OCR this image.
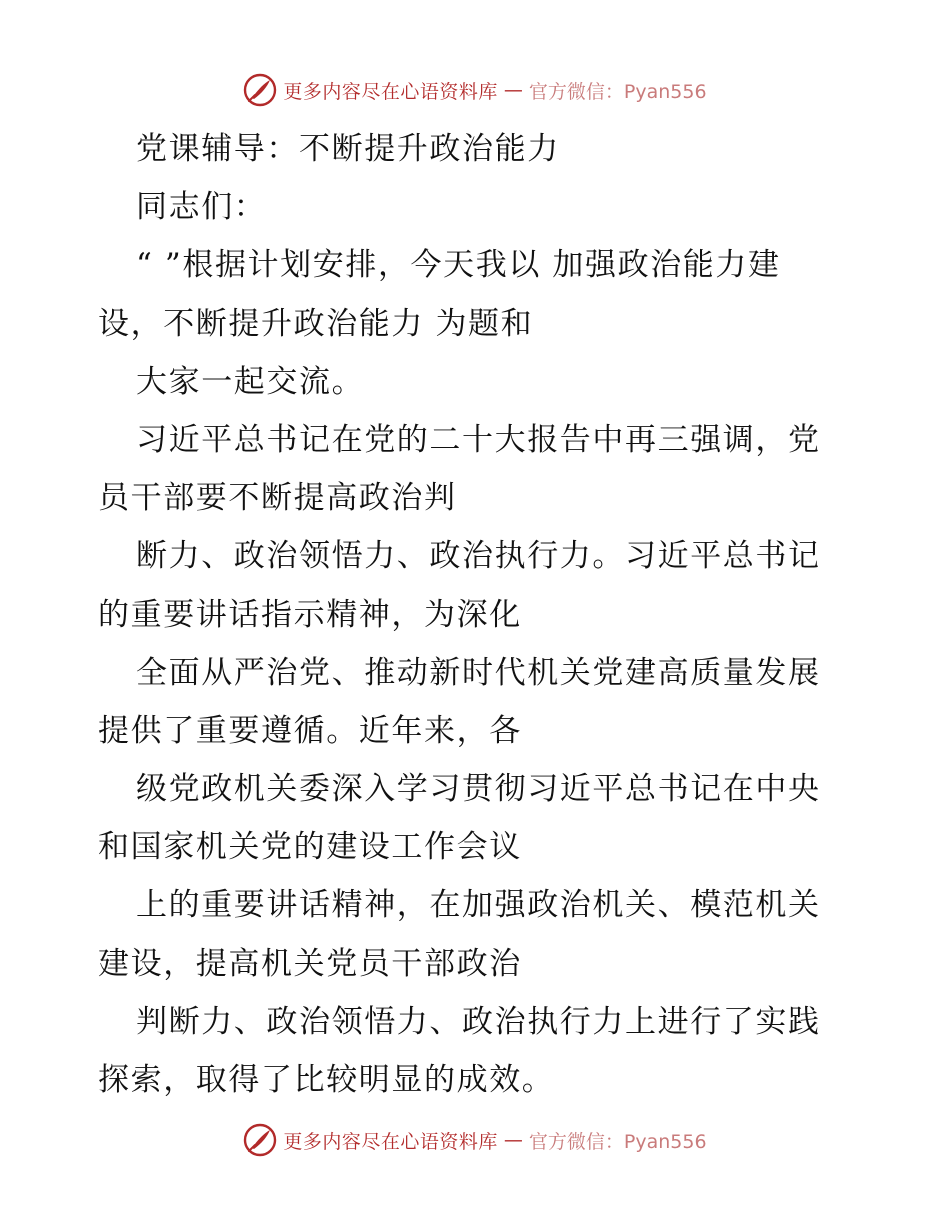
更多内容尽在心语资料库 — 官方微信：Pyan556
党课辅导：不断提升政治能力
同志们：
“ ”根据计划安排，今天我以 加强政治能力建
设，不断提升政治能力 为题和
大家一起交流。
习近平总书记在党的二十大报告中再三强调，党
员干部要不断提高政治判
断力、政治领悟力、政治执行力。习近平总书记
的重要讲话指示精神，为深化
全面从严治党、推动新时代机关党建高质量发展
提供了重要遵循。近年来，各
级党政机关委深入学习贯彻习近平总书记在中央
和国家机关党的建设工作会议
上的重要讲话精神，在加强政治机关、模范机关
建设，提高机关党员干部政治
判断力、政治领悟力、政治执行力上进行了实践
探索，取得了比较明显的成效。
更多内容尽在心语资料库 — 官方微信：Pyan556
